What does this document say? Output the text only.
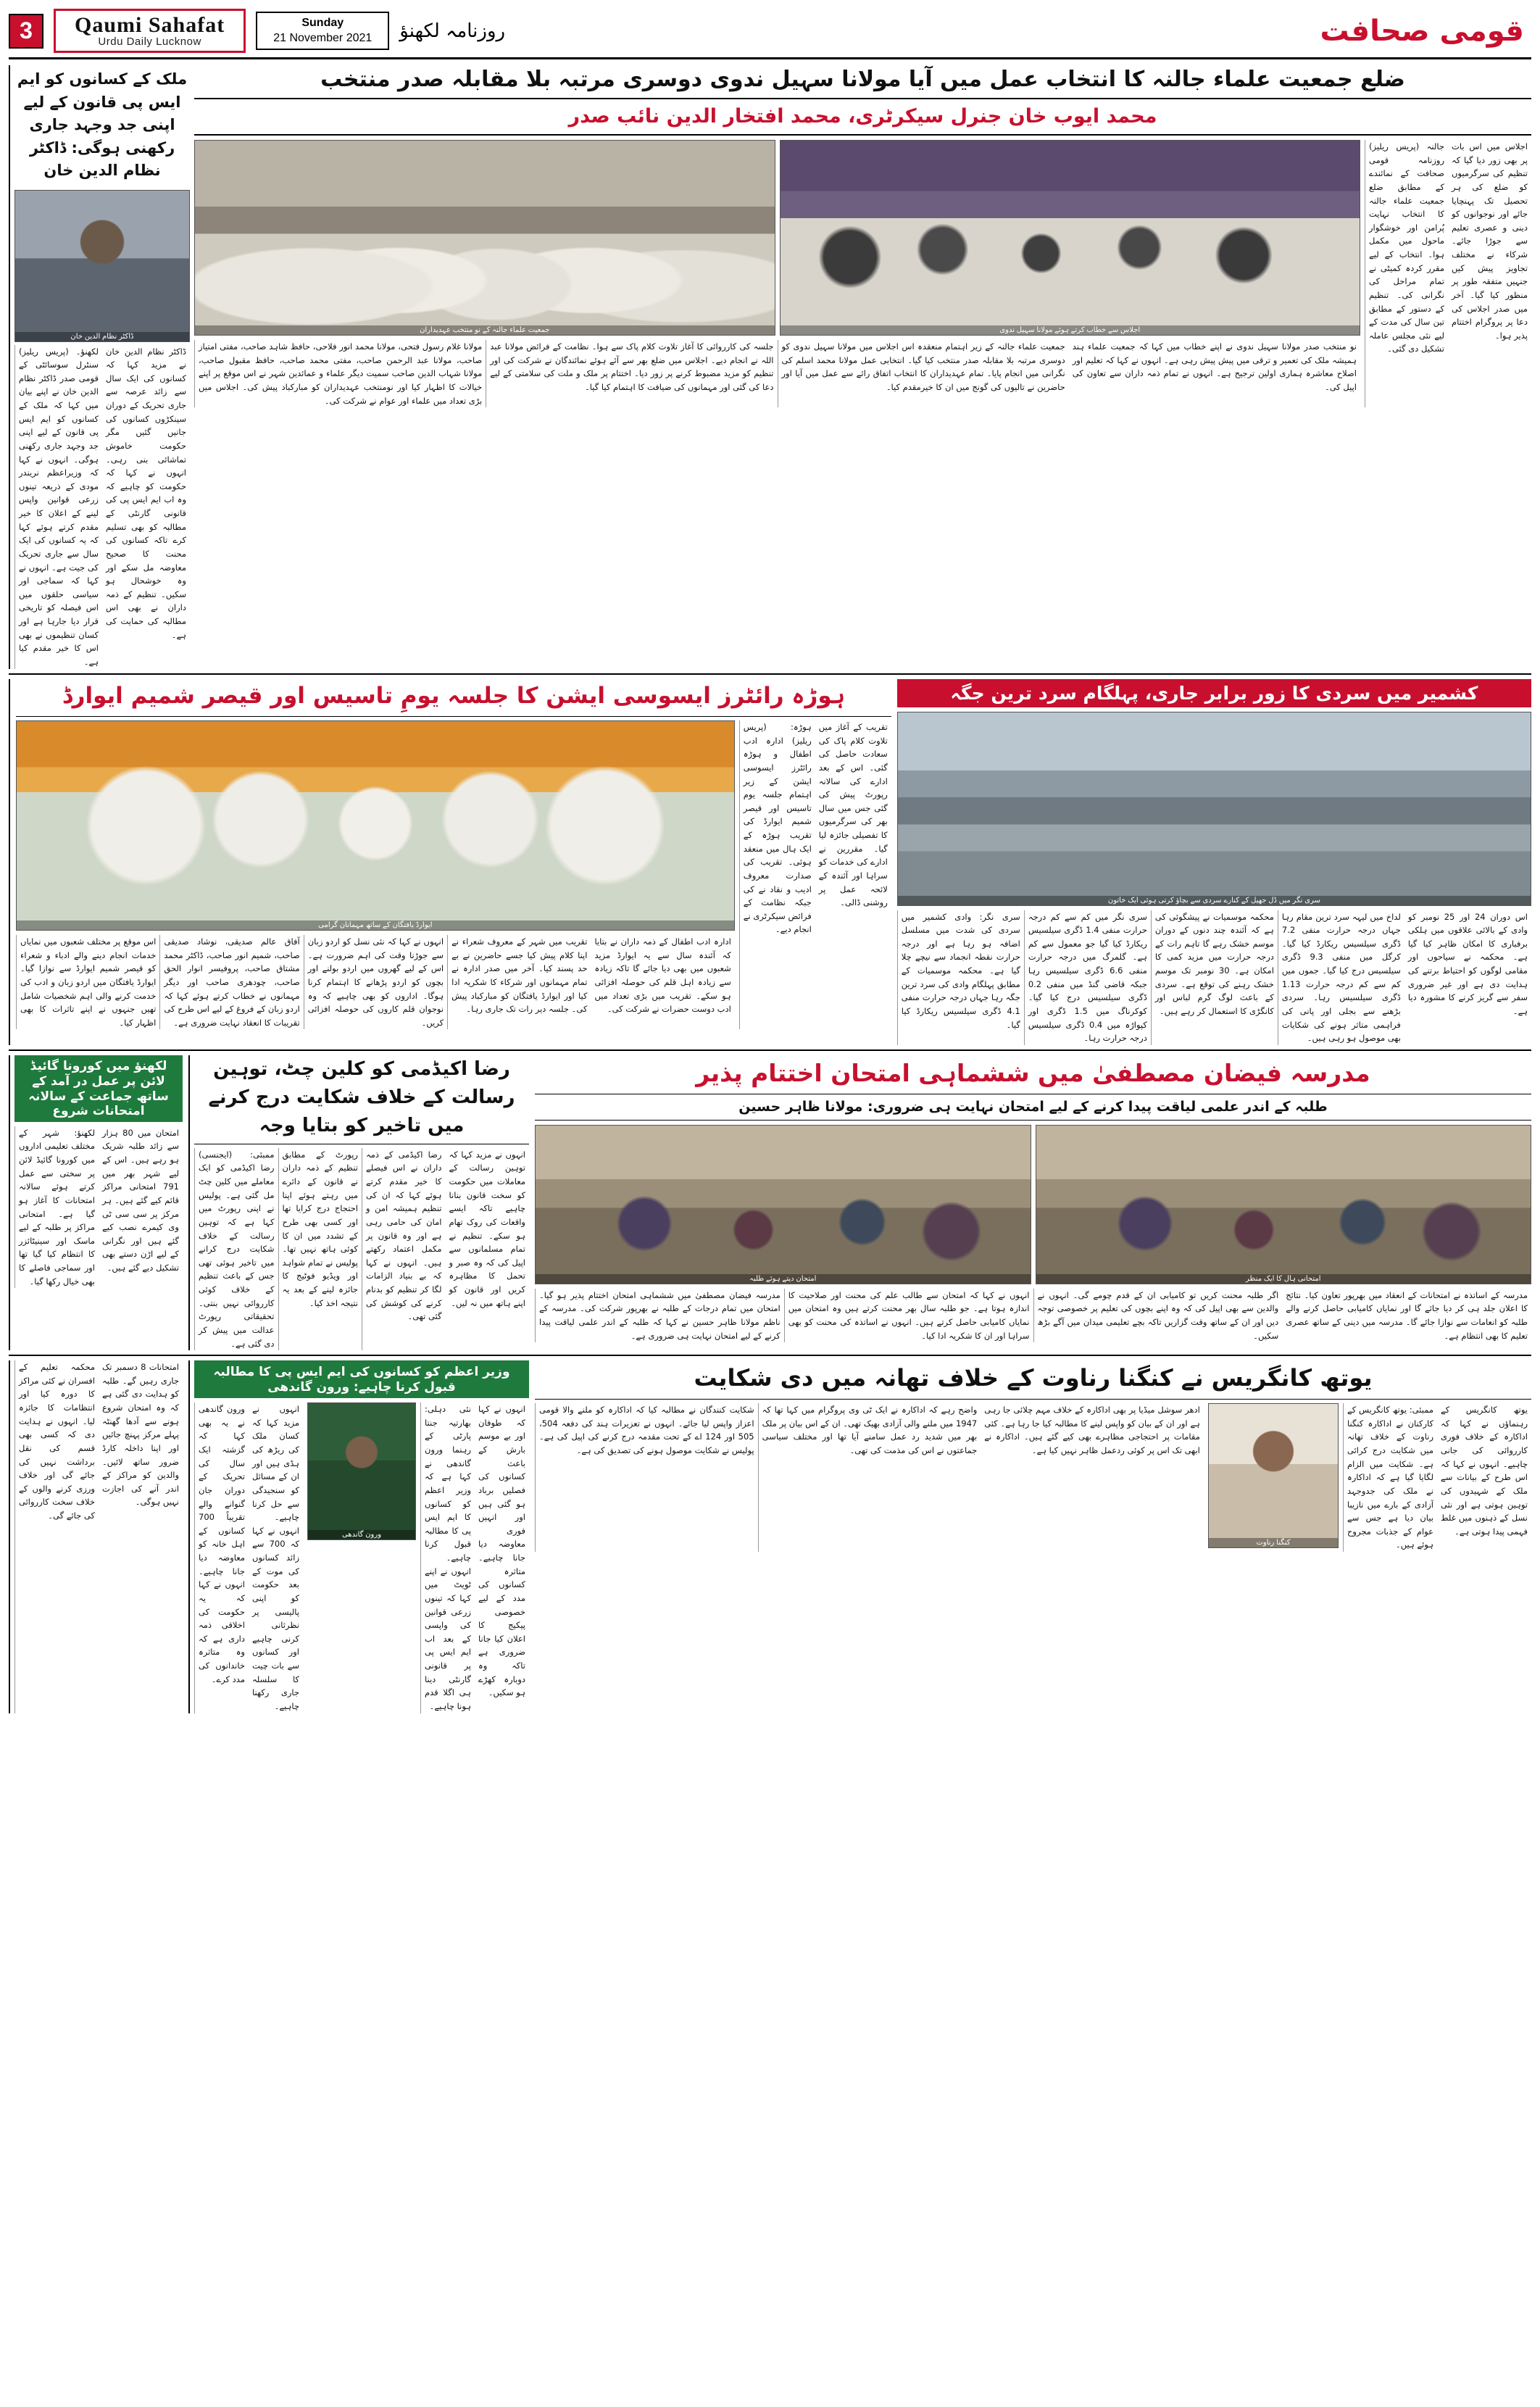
3	Qaumi Sahafat
Urdu Daily Lucknow
Sunday
21 November 2021 روزنامہ لکھنؤ	قومی صحافت
ملک کے کسانوں کو ایم ایس پی قانون کے لیے اپنی جد وجہد جاری رکھنی ہوگی: ڈاکٹر نظام الدین خان
ڈاکٹر نظام الدین خان
لکھنؤ۔ (پریس ریلیز) سنٹرل سوسائٹی کے قومی صدر ڈاکٹر نظام الدین خان نے اپنے بیان میں کہا کہ ملک کے کسانوں کو ایم ایس پی قانون کے لیے اپنی جد وجہد جاری رکھنی ہوگی۔ انہوں نے کہا کہ وزیراعظم نریندر مودی کے ذریعہ تینوں زرعی قوانین واپس لینے کے اعلان کا خیر مقدم کرتے ہوئے کہا کہ یہ کسانوں کی ایک سال سے جاری تحریک کی جیت ہے۔ انہوں نے کہا کہ سماجی اور سیاسی حلقوں میں اس فیصلہ کو تاریخی قرار دیا جارہا ہے اور کسان تنظیموں نے بھی اس کا خیر مقدم کیا ہے۔
ڈاکٹر نظام الدین خان نے مزید کہا کہ کسانوں کی ایک سال سے زائد عرصہ سے جاری تحریک کے دوران سینکڑوں کسانوں کی جانیں گئیں مگر حکومت خاموش تماشائی بنی رہی۔ انہوں نے کہا کہ حکومت کو چاہیے کہ وہ اب ایم ایس پی کی قانونی گارنٹی کے مطالبہ کو بھی تسلیم کرے تاکہ کسانوں کی محنت کا صحیح معاوضہ مل سکے اور وہ خوشحال ہو سکیں۔ تنظیم کے ذمہ داران نے بھی اس مطالبہ کی حمایت کی ہے۔
ضلع جمعیت علماء جالنہ کا انتخاب عمل میں آیا مولانا سہیل ندوی دوسری مرتبہ بلا مقابلہ صدر منتخب
محمد ایوب خان جنرل سیکرٹری، محمد افتخار الدین نائب صدر
جمعیت علماء جالنہ کے نو منتخب عہدیداران	اجلاس سے خطاب کرتے ہوئے مولانا سہیل ندوی
مولانا غلام رسول فتحی، مولانا محمد انور فلاحی، حافظ شاہد صاحب، مفتی امتیاز صاحب، مولانا عبد الرحمن صاحب، مفتی محمد صاحب، حافظ مقبول صاحب، مولانا شہاب الدین صاحب سمیت دیگر علماء و عمائدین شہر نے اس موقع پر اپنے خیالات کا اظہار کیا اور نومنتخب عہدیداران کو مبارکباد پیش کی۔ اجلاس میں بڑی تعداد میں علماء اور عوام نے شرکت کی۔
جلسہ کی کارروائی کا آغاز تلاوت کلام پاک سے ہوا۔ نظامت کے فرائض مولانا عبد اللہ نے انجام دیے۔ اجلاس میں ضلع بھر سے آئے ہوئے نمائندگان نے شرکت کی اور تنظیم کو مزید مضبوط کرنے پر زور دیا۔ اختتام پر ملک و ملت کی سلامتی کے لیے دعا کی گئی اور مہمانوں کی ضیافت کا اہتمام کیا گیا۔
جمعیت علماء جالنہ کے زیر اہتمام منعقدہ اس اجلاس میں مولانا سہیل ندوی کو دوسری مرتبہ بلا مقابلہ صدر منتخب کیا گیا۔ انتخابی عمل مولانا محمد اسلم کی نگرانی میں انجام پایا۔ تمام عہدیداران کا انتخاب اتفاق رائے سے عمل میں آیا اور حاضرین نے تالیوں کی گونج میں ان کا خیرمقدم کیا۔
نو منتخب صدر مولانا سہیل ندوی نے اپنے خطاب میں کہا کہ جمعیت علماء ہند ہمیشہ ملک کی تعمیر و ترقی میں پیش پیش رہی ہے۔ انہوں نے کہا کہ تعلیم اور اصلاح معاشرہ ہماری اولین ترجیح ہے۔ انہوں نے تمام ذمہ داران سے تعاون کی اپیل کی۔
جالنہ (پریس ریلیز) روزنامہ قومی صحافت کے نمائندے کے مطابق ضلع جمعیت علماء جالنہ کا انتخاب نہایت پُرامن اور خوشگوار ماحول میں مکمل ہوا۔ انتخاب کے لیے مقرر کردہ کمیٹی نے تمام مراحل کی نگرانی کی۔ تنظیم کے دستور کے مطابق تین سال کی مدت کے لیے نئی مجلس عاملہ تشکیل دی گئی۔
اجلاس میں اس بات پر بھی زور دیا گیا کہ تنظیم کی سرگرمیوں کو ضلع کی ہر تحصیل تک پہنچایا جائے اور نوجوانوں کو دینی و عصری تعلیم سے جوڑا جائے۔ شرکاء نے مختلف تجاویز پیش کیں جنہیں متفقہ طور پر منظور کیا گیا۔ آخر میں صدر اجلاس کی دعا پر پروگرام اختتام پذیر ہوا۔
ہوڑہ رائٹرز ایسوسی ایشن کا جلسہ یومِ تاسیس اور قیصر شمیم ایوارڈ
ایوارڈ یافتگان کے ساتھ مہمانان گرامی
اس موقع پر مختلف شعبوں میں نمایاں خدمات انجام دینے والے ادباء و شعراء کو قیصر شمیم ایوارڈ سے نوازا گیا۔ ایوارڈ یافتگان میں اردو زبان و ادب کی خدمت کرنے والی اہم شخصیات شامل تھیں جنہوں نے اپنے تاثرات کا بھی اظہار کیا۔
آفاق عالم صدیقی، نوشاد صدیقی صاحب، شمیم انور صاحب، ڈاکٹر محمد مشتاق صاحب، پروفیسر انوار الحق صاحب، چودھری صاحب اور دیگر مہمانوں نے خطاب کرتے ہوئے کہا کہ اردو زبان کے فروغ کے لیے اس طرح کی تقریبات کا انعقاد نہایت ضروری ہے۔
انہوں نے کہا کہ نئی نسل کو اردو زبان سے جوڑنا وقت کی اہم ضرورت ہے۔ اس کے لیے گھروں میں اردو بولنے اور بچوں کو اردو پڑھانے کا اہتمام کرنا ہوگا۔ اداروں کو بھی چاہیے کہ وہ نوجوان قلم کاروں کی حوصلہ افزائی کریں۔
تقریب میں شہر کے معروف شعراء نے اپنا کلام پیش کیا جسے حاضرین نے بے حد پسند کیا۔ آخر میں صدر ادارہ نے تمام مہمانوں اور شرکاء کا شکریہ ادا کیا اور ایوارڈ یافتگان کو مبارکباد پیش کی۔ جلسہ دیر رات تک جاری رہا۔
ادارہ ادب اطفال کے ذمہ داران نے بتایا کہ آئندہ سال سے یہ ایوارڈ مزید شعبوں میں بھی دیا جائے گا تاکہ زیادہ سے زیادہ اہل قلم کی حوصلہ افزائی ہو سکے۔ تقریب میں بڑی تعداد میں ادب دوست حضرات نے شرکت کی۔
ہوڑہ: (پریس ریلیز) ادارہ ادب اطفال و ہوڑہ رائٹرز ایسوسی ایشن کے زیر اہتمام جلسہ یوم تاسیس اور قیصر شمیم ایوارڈ کی تقریب ہوڑہ کے ایک ہال میں منعقد ہوئی۔ تقریب کی صدارت معروف ادیب و نقاد نے کی جبکہ نظامت کے فرائض سیکرٹری نے انجام دیے۔
تقریب کے آغاز میں تلاوت کلام پاک کی سعادت حاصل کی گئی۔ اس کے بعد ادارے کی سالانہ رپورٹ پیش کی گئی جس میں سال بھر کی سرگرمیوں کا تفصیلی جائزہ لیا گیا۔ مقررین نے ادارے کی خدمات کو سراہا اور آئندہ کے لائحہ عمل پر روشنی ڈالی۔
کشمیر میں سردی کا زور برابر جاری، پہلگام سرد ترین جگہ
سری نگر میں ڈل جھیل کے کنارے سردی سے بچاؤ کرتی ہوئی ایک خاتون
سری نگر: وادی کشمیر میں سردی کی شدت میں مسلسل اضافہ ہو رہا ہے اور درجہ حرارت نقطہ انجماد سے نیچے چلا گیا ہے۔ محکمہ موسمیات کے مطابق پہلگام وادی کی سرد ترین جگہ رہا جہاں درجہ حرارت منفی 4.1 ڈگری سیلسیس ریکارڈ کیا گیا۔
سری نگر میں کم سے کم درجہ حرارت منفی 1.4 ڈگری سیلسیس ریکارڈ کیا گیا جو معمول سے کم ہے۔ گلمرگ میں درجہ حرارت منفی 6.6 ڈگری سیلسیس رہا جبکہ قاضی گنڈ میں منفی 0.2 ڈگری سیلسیس درج کیا گیا۔ کوکرناگ میں 1.5 ڈگری اور کپواڑہ میں 0.4 ڈگری سیلسیس درجہ حرارت رہا۔
محکمہ موسمیات نے پیشگوئی کی ہے کہ آئندہ چند دنوں کے دوران موسم خشک رہے گا تاہم رات کے درجہ حرارت میں مزید کمی کا امکان ہے۔ 30 نومبر تک موسم خشک رہنے کی توقع ہے۔ سردی کے باعث لوگ گرم لباس اور کانگڑی کا استعمال کر رہے ہیں۔
لداخ میں لیہہ سرد ترین مقام رہا جہاں درجہ حرارت منفی 7.2 ڈگری سیلسیس ریکارڈ کیا گیا۔ کرگل میں منفی 9.3 ڈگری سیلسیس درج کیا گیا۔ جموں میں کم سے کم درجہ حرارت 1.13 ڈگری سیلسیس رہا۔ سردی بڑھنے سے بجلی اور پانی کی فراہمی متاثر ہونے کی شکایات بھی موصول ہو رہی ہیں۔
اس دوران 24 اور 25 نومبر کو وادی کے بالائی علاقوں میں ہلکی برفباری کا امکان ظاہر کیا گیا ہے۔ محکمہ نے سیاحوں اور مقامی لوگوں کو احتیاط برتنے کی ہدایت دی ہے اور غیر ضروری سفر سے گریز کرنے کا مشورہ دیا ہے۔
لکھنؤ میں کورونا گائیڈ لائن پر عمل در آمد کے ساتھ جماعت کے سالانہ امتحانات شروع
لکھنؤ: شہر کے مختلف تعلیمی اداروں میں کورونا گائیڈ لائن پر سختی سے عمل کرتے ہوئے سالانہ امتحانات کا آغاز ہو گیا ہے۔ امتحانی مراکز پر طلبہ کے لیے ماسک اور سینیٹائزر کا انتظام کیا گیا تھا اور سماجی فاصلے کا بھی خیال رکھا گیا۔
امتحان میں 80 ہزار سے زائد طلبہ شریک ہو رہے ہیں۔ اس کے لیے شہر بھر میں 791 امتحانی مراکز قائم کیے گئے ہیں۔ ہر مرکز پر سی سی ٹی وی کیمرے نصب کیے گئے ہیں اور نگرانی کے لیے اڑن دستے بھی تشکیل دیے گئے ہیں۔
رضا اکیڈمی کو کلین چٹ، توہین رسالت کے خلاف شکایت درج کرنے میں تاخیر کو بتایا وجہ
ممبئی: (ایجنسی) رضا اکیڈمی کو ایک معاملے میں کلین چٹ مل گئی ہے۔ پولیس نے اپنی رپورٹ میں کہا ہے کہ توہین رسالت کے خلاف شکایت درج کرانے میں تاخیر ہوئی تھی جس کے باعث تنظیم کے خلاف کوئی کارروائی نہیں بنتی۔ تحقیقاتی رپورٹ عدالت میں پیش کر دی گئی ہے۔
رپورٹ کے مطابق تنظیم کے ذمہ داران نے قانون کے دائرے میں رہتے ہوئے اپنا احتجاج درج کرایا تھا اور کسی بھی طرح کے تشدد میں ان کا کوئی ہاتھ نہیں تھا۔ پولیس نے تمام شواہد اور ویڈیو فوٹیج کا جائزہ لینے کے بعد یہ نتیجہ اخذ کیا۔
رضا اکیڈمی کے ذمہ داران نے اس فیصلے کا خیر مقدم کرتے ہوئے کہا کہ ان کی تنظیم ہمیشہ امن و امان کی حامی رہی ہے اور وہ قانون پر مکمل اعتماد رکھتے ہیں۔ انہوں نے کہا کہ بے بنیاد الزامات لگا کر تنظیم کو بدنام کرنے کی کوشش کی گئی تھی۔
انہوں نے مزید کہا کہ توہین رسالت کے معاملات میں حکومت کو سخت قانون بنانا چاہیے تاکہ ایسے واقعات کی روک تھام ہو سکے۔ تنظیم نے تمام مسلمانوں سے اپیل کی کہ وہ صبر و تحمل کا مظاہرہ کریں اور قانون کو اپنے ہاتھ میں نہ لیں۔
مدرسہ فیضان مصطفیٰ میں ششماہی امتحان اختتام پذیر
طلبہ کے اندر علمی لیاقت پیدا کرنے کے لیے امتحان نہایت ہی ضروری: مولانا ظاہر حسین
امتحان دیتے ہوئے طلبہ	امتحانی ہال کا ایک منظر
مدرسہ فیضان مصطفیٰ میں ششماہی امتحان اختتام پذیر ہو گیا۔ امتحان میں تمام درجات کے طلبہ نے بھرپور شرکت کی۔ مدرسہ کے ناظم مولانا ظاہر حسین نے کہا کہ طلبہ کے اندر علمی لیاقت پیدا کرنے کے لیے امتحان نہایت ہی ضروری ہے۔
انہوں نے کہا کہ امتحان سے طالب علم کی محنت اور صلاحیت کا اندازہ ہوتا ہے۔ جو طلبہ سال بھر محنت کرتے ہیں وہ امتحان میں نمایاں کامیابی حاصل کرتے ہیں۔ انہوں نے اساتذہ کی محنت کو بھی سراہا اور ان کا شکریہ ادا کیا۔
اگر طلبہ محنت کریں تو کامیابی ان کے قدم چومے گی۔ انہوں نے والدین سے بھی اپیل کی کہ وہ اپنے بچوں کی تعلیم پر خصوصی توجہ دیں اور ان کے ساتھ وقت گزاریں تاکہ بچے تعلیمی میدان میں آگے بڑھ سکیں۔
مدرسہ کے اساتذہ نے امتحانات کے انعقاد میں بھرپور تعاون کیا۔ نتائج کا اعلان جلد ہی کر دیا جائے گا اور نمایاں کامیابی حاصل کرنے والے طلبہ کو انعامات سے نوازا جائے گا۔ مدرسہ میں دینی کے ساتھ عصری تعلیم کا بھی انتظام ہے۔
محکمہ تعلیم کے افسران نے کئی مراکز کا دورہ کیا اور انتظامات کا جائزہ لیا۔ انہوں نے ہدایت دی کہ کسی بھی قسم کی نقل برداشت نہیں کی جائے گی اور خلاف ورزی کرنے والوں کے خلاف سخت کارروائی کی جائے گی۔
امتحانات 8 دسمبر تک جاری رہیں گے۔ طلبہ کو ہدایت دی گئی ہے کہ وہ امتحان شروع ہونے سے آدھا گھنٹہ پہلے مرکز پہنچ جائیں اور اپنا داخلہ کارڈ ضرور ساتھ لائیں۔ والدین کو مراکز کے اندر آنے کی اجازت نہیں ہوگی۔
وزیر اعظم کو کسانوں کی ایم ایس پی کا مطالبہ قبول کرنا چاہیے: ورون گاندھی
ورون گاندھی نے یہ بھی کہا کہ گزشتہ ایک سال کی تحریک کے دوران جان گنوانے والے تقریباً 700 کسانوں کے اہل خانہ کو معاوضہ دیا جانا چاہیے۔ انہوں نے کہا کہ یہ حکومت کی اخلاقی ذمہ داری ہے کہ وہ متاثرہ خاندانوں کی مدد کرے۔
انہوں نے مزید کہا کہ کسان ملک کی ریڑھ کی ہڈی ہیں اور ان کے مسائل کو سنجیدگی سے حل کرنا چاہیے۔ انہوں نے کہا کہ 700 سے زائد کسانوں کی موت کے بعد حکومت کو اپنی پالیسی پر نظرثانی کرنی چاہیے اور کسانوں سے بات چیت کا سلسلہ جاری رکھنا چاہیے۔
ورون گاندھی
نئی دہلی: بھارتیہ جنتا پارٹی کے رہنما ورون گاندھی نے کہا ہے کہ وزیر اعظم کو کسانوں کا ایم ایس پی کا مطالبہ قبول کرنا چاہیے۔ انہوں نے اپنے ٹویٹ میں کہا کہ تینوں زرعی قوانین کی واپسی کے بعد اب ایم ایس پی پر قانونی گارنٹی دینا ہی اگلا قدم ہونا چاہیے۔
انہوں نے کہا کہ طوفان اور بے موسم بارش کے باعث کسانوں کی فصلیں برباد ہو گئی ہیں اور انہیں فوری معاوضہ دیا جانا چاہیے۔ متاثرہ کسانوں کی مدد کے لیے خصوصی پیکیج کا اعلان کیا جانا ضروری ہے تاکہ وہ دوبارہ کھڑے ہو سکیں۔
یوتھ کانگریس نے کنگنا رناوت کے خلاف تھانہ میں دی شکایت
شکایت کنندگان نے مطالبہ کیا کہ اداکارہ کو ملنے والا قومی اعزاز واپس لیا جائے۔ انہوں نے تعزیرات ہند کی دفعہ 504، 505 اور 124 اے کے تحت مقدمہ درج کرنے کی اپیل کی ہے۔ پولیس نے شکایت موصول ہونے کی تصدیق کی ہے۔
واضح رہے کہ اداکارہ نے ایک ٹی وی پروگرام میں کہا تھا کہ 1947 میں ملنے والی آزادی بھیک تھی۔ ان کے اس بیان پر ملک بھر میں شدید رد عمل سامنے آیا تھا اور مختلف سیاسی جماعتوں نے اس کی مذمت کی تھی۔
ادھر سوشل میڈیا پر بھی اداکارہ کے خلاف مہم چلائی جا رہی ہے اور ان کے بیان کو واپس لینے کا مطالبہ کیا جا رہا ہے۔ کئی مقامات پر احتجاجی مظاہرے بھی کیے گئے ہیں۔ اداکارہ نے ابھی تک اس پر کوئی ردعمل ظاہر نہیں کیا ہے۔
کنگنا رناوت
ممبئی: یوتھ کانگریس کے کارکنان نے اداکارہ کنگنا رناوت کے خلاف تھانہ میں شکایت درج کرائی ہے۔ شکایت میں الزام لگایا گیا ہے کہ اداکارہ نے ملک کی جدوجہد آزادی کے بارے میں نازیبا بیان دیا ہے جس سے عوام کے جذبات مجروح ہوئے ہیں۔
یوتھ کانگریس کے رہنماؤں نے کہا کہ اداکارہ کے خلاف فوری کارروائی کی جانی چاہیے۔ انہوں نے کہا کہ اس طرح کے بیانات سے ملک کے شہیدوں کی توہین ہوتی ہے اور نئی نسل کے ذہنوں میں غلط فہمی پیدا ہوتی ہے۔
